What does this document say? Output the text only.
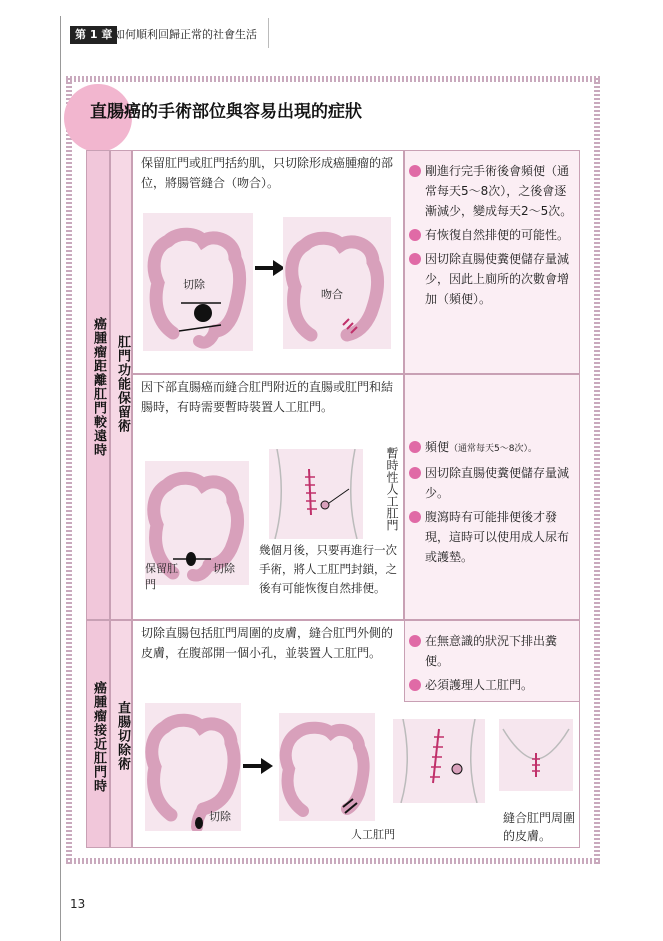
第 1 章 如何順利回歸正常的社會生活
直腸癌的手術部位與容易出現的症狀
癌腫瘤距離肛門較遠時
癌腫瘤接近肛門時
肛門功能保留術
直腸切除術
保留肛門或肛門括約肌，只切除形成癌腫瘤的部位，將腸管縫合（吻合）。
切除
吻合
剛進行完手術後會頻便（通常每天5～8次），之後會逐漸減少，變成每天2～5次。
有恢復自然排便的可能性。
因切除直腸使糞便儲存量減少，因此上廁所的次數會增加（頻便）。
因下部直腸癌而縫合肛門附近的直腸或肛門和結腸時，有時需要暫時裝置人工肛門。
保留肛門
切除
暫時性人工肛門
幾個月後，只要再進行一次手術，將人工肛門封鎖，之後有可能恢復自然排便。
頻便（通常每天5～8次）。
因切除直腸使糞便儲存量減少。
腹瀉時有可能排便後才發現，這時可以使用成人尿布或護墊。
切除直腸包括肛門周圍的皮膚，縫合肛門外側的皮膚，在腹部開一個小孔，並裝置人工肛門。
切除
人工肛門
縫合肛門周圍的皮膚。
在無意識的狀況下排出糞便。
必須護理人工肛門。
13
